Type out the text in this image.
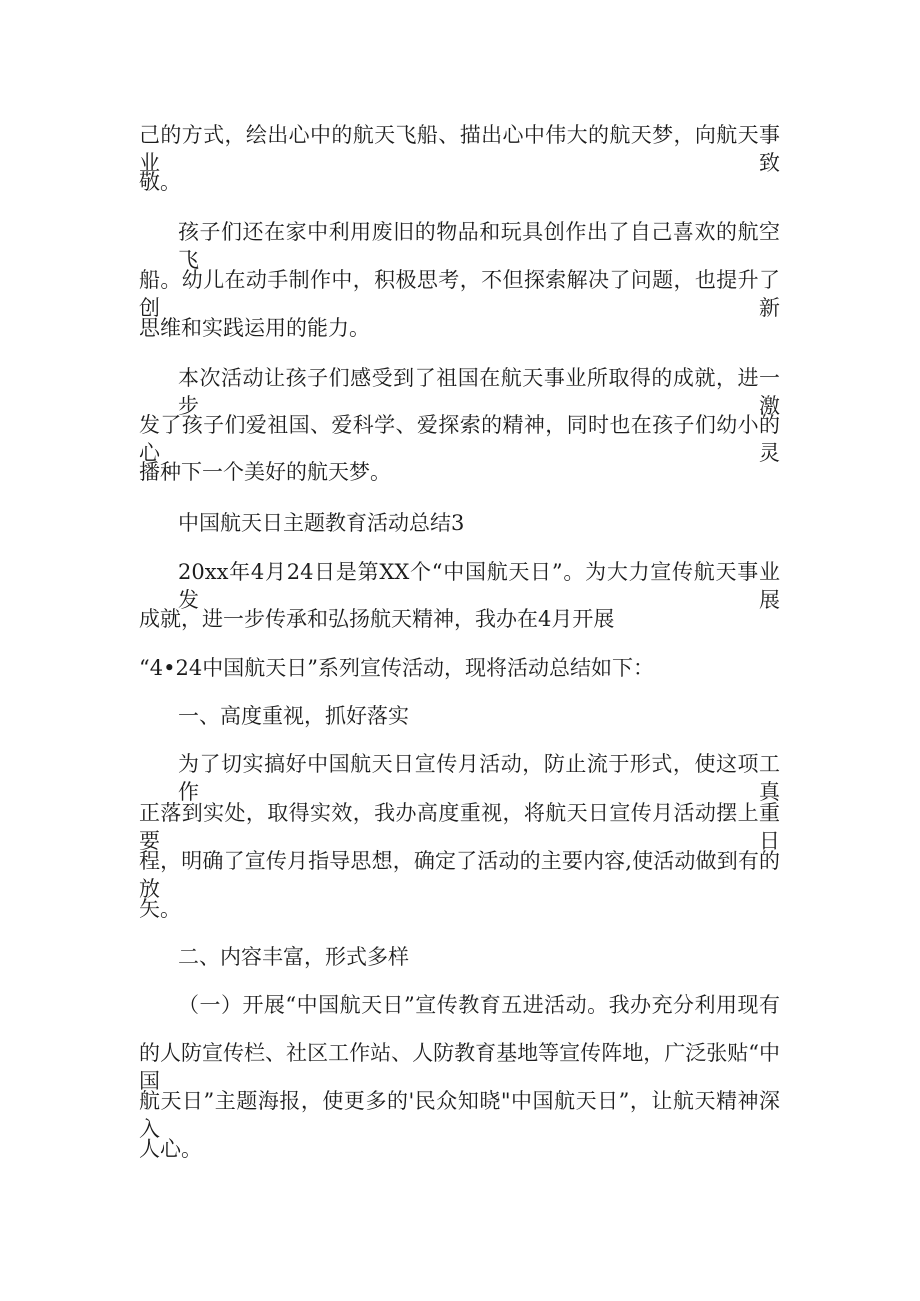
己的方式，绘出心中的航天飞船、描出心中伟大的航天梦，向航天事业致

敬。

孩子们还在家中利用废旧的物品和玩具创作出了自己喜欢的航空飞

船。幼儿在动手制作中，积极思考，不但探索解决了问题，也提升了创新

思维和实践运用的能力。

本次活动让孩子们感受到了祖国在航天事业所取得的成就，进一步激

发了孩子们爱祖国、爱科学、爱探索的精神，同时也在孩子们幼小的心灵

播种下一个美好的航天梦。

中国航天日主题教育活动总结3

20xx年4月24日是第XX个“中国航天日”。为大力宣传航天事业发展

成就，进一步传承和弘扬航天精神，我办在4月开展

“4•24中国航天日”系列宣传活动，现将活动总结如下：

一、高度重视，抓好落实

为了切实搞好中国航天日宣传月活动，防止流于形式，使这项工作真

正落到实处，取得实效，我办高度重视，将航天日宣传月活动摆上重要日

程，明确了宣传月指导思想，确定了活动的主要内容,使活动做到有的放

矢。

二、内容丰富，形式多样

（一）开展“中国航天日”宣传教育五进活动。我办充分利用现有

的人防宣传栏、社区工作站、人防教育基地等宣传阵地，广泛张贴“中国

航天日”主题海报，使更多的'民众知晓"中国航天日”，让航天精神深入

人心。
